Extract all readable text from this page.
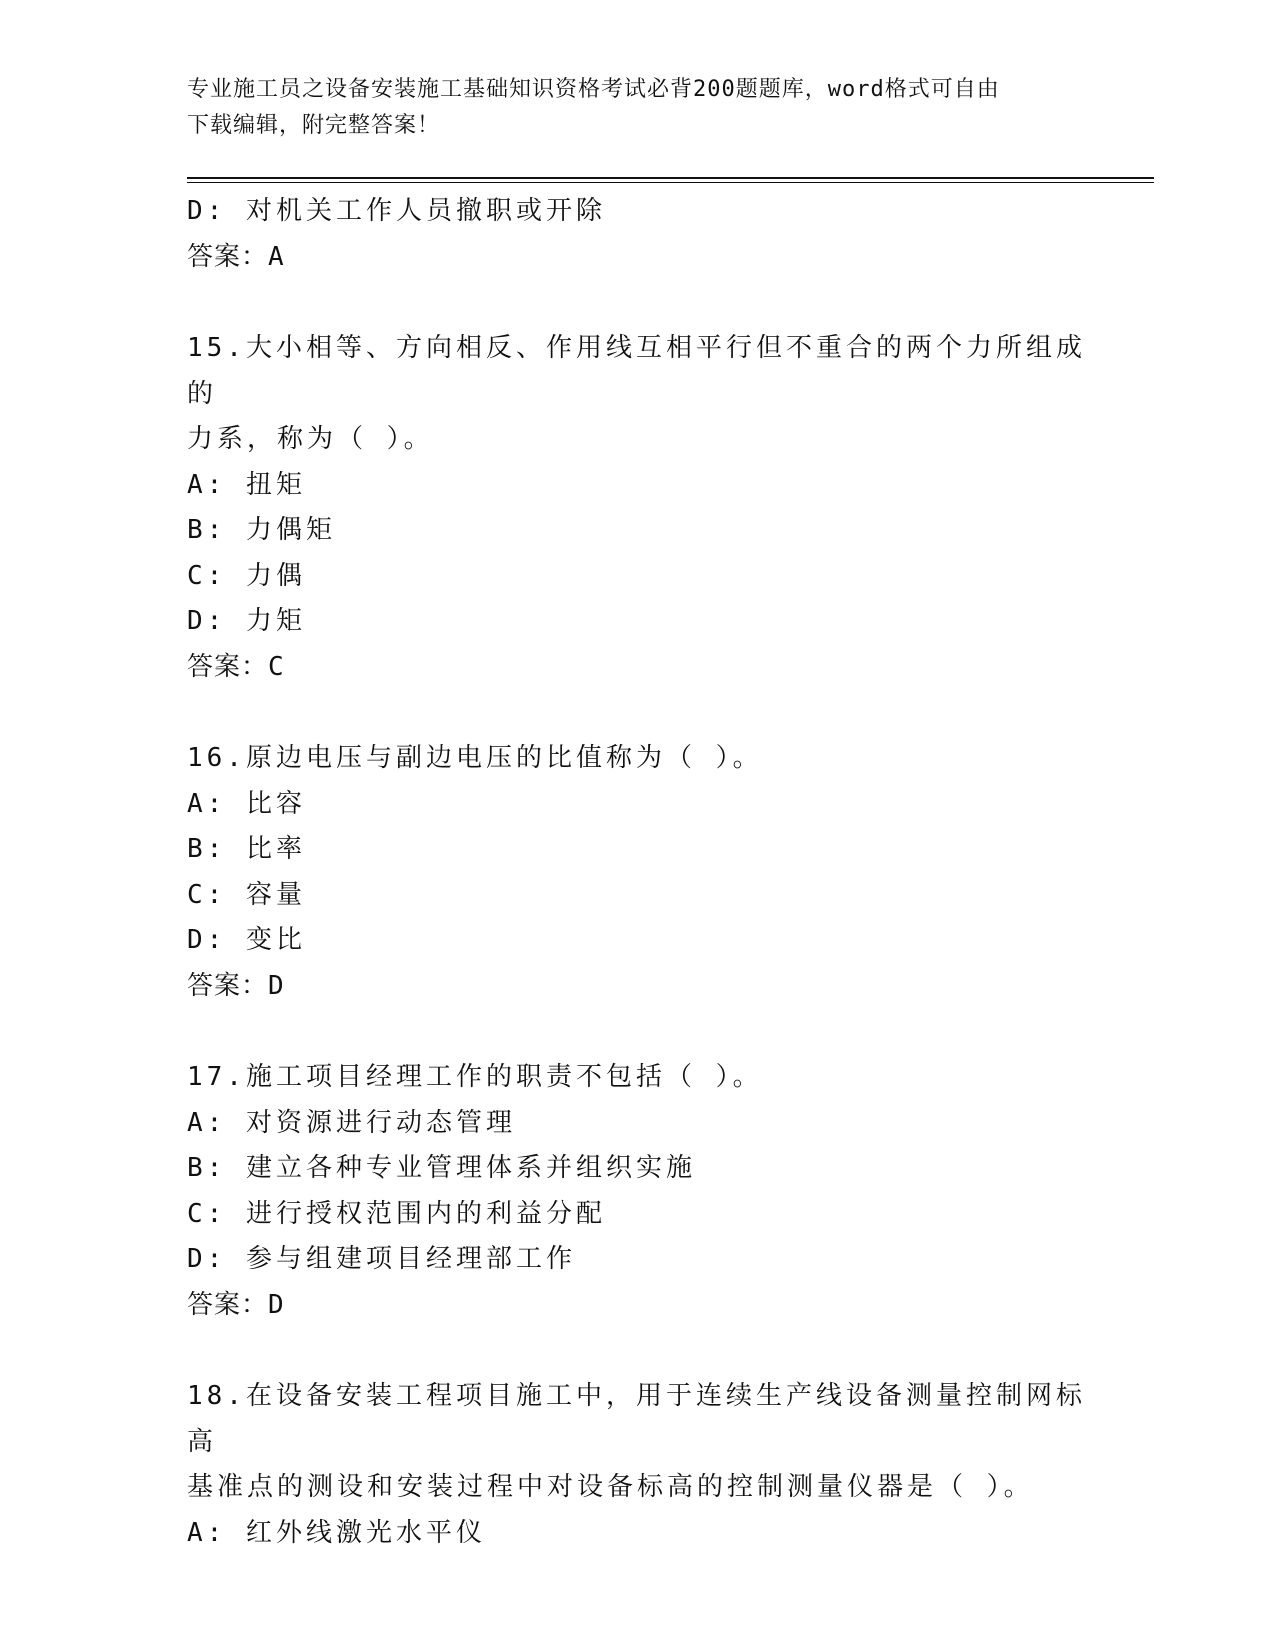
专业施工员之设备安装施工基础知识资格考试必背200题题库，word格式可自由
下载编辑，附完整答案！
D: 对机关工作人员撤职或开除
答案：A
15.大小相等、方向相反、作用线互相平行但不重合的两个力所组成的
力系，称为（ ）。
A: 扭矩
B: 力偶矩
C: 力偶
D: 力矩
答案：C
16.原边电压与副边电压的比值称为（ ）。
A: 比容
B: 比率
C: 容量
D: 变比
答案：D
17.施工项目经理工作的职责不包括（ ）。
A: 对资源进行动态管理
B: 建立各种专业管理体系并组织实施
C: 进行授权范围内的利益分配
D: 参与组建项目经理部工作
答案：D
18.在设备安装工程项目施工中，用于连续生产线设备测量控制网标高
基准点的测设和安装过程中对设备标高的控制测量仪器是（ ）。
A: 红外线激光水平仪
